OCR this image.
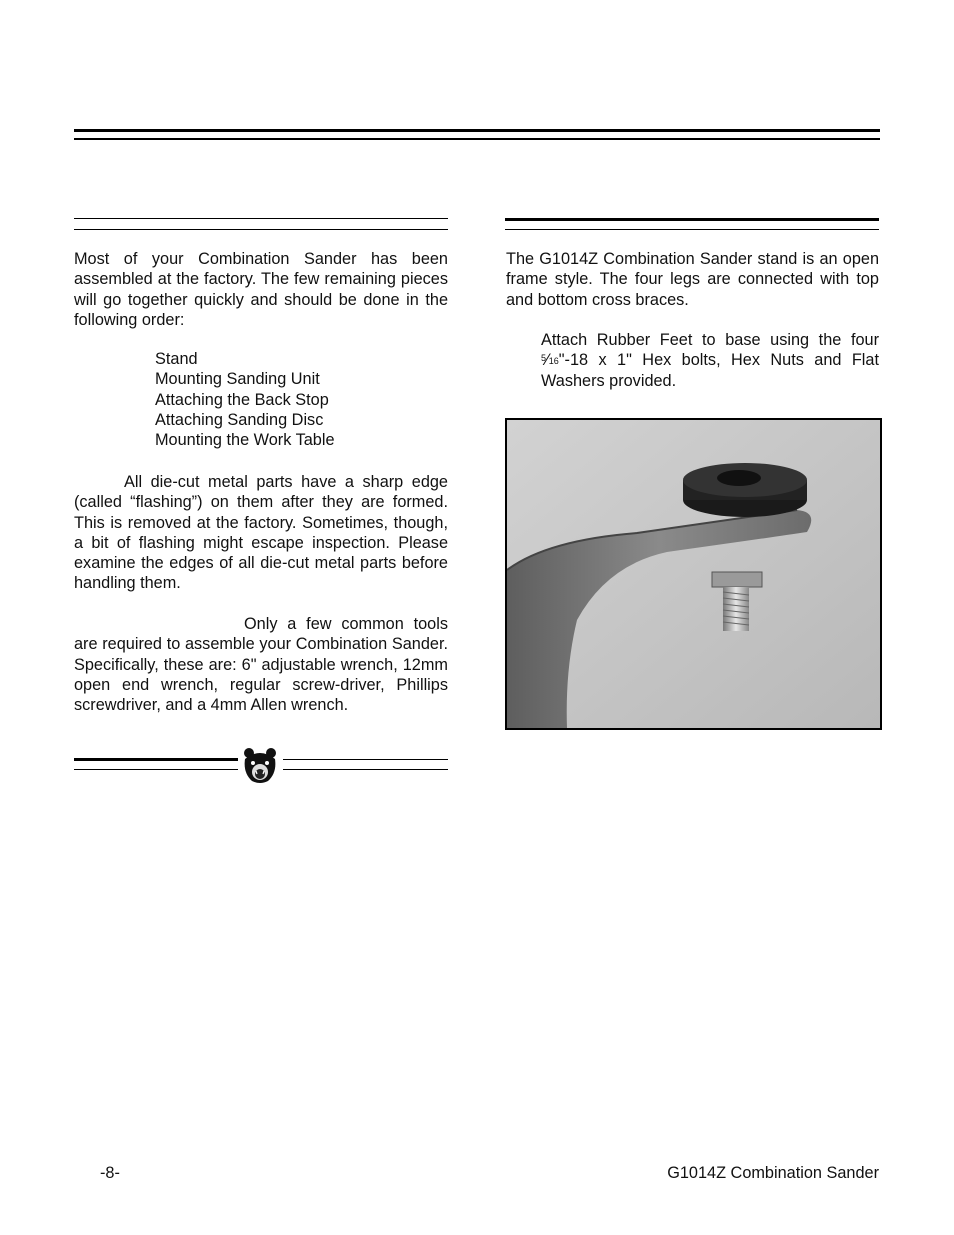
Most of your Combination Sander has been assembled at the factory. The few remaining pieces will go together quickly and should be done in the following order:

Stand
Mounting Sanding Unit
Attaching the Back Stop
Attaching Sanding Disc
Mounting the Work Table

All die-cut metal parts have a sharp edge (called “flashing”) on them after they are formed. This is removed at the factory. Sometimes, though, a bit of flashing might escape inspection. Please examine the edges of all die-cut metal parts before handling them.

Only a few common tools are required to assemble your Combination Sander. Specifically, these are: 6" adjustable wrench, 12mm open end wrench, regular screw-driver, Phillips screwdriver, and a 4mm Allen wrench.

The G1014Z Combination Sander stand is an open frame style. The four legs are connected with top and bottom cross braces.

Attach Rubber Feet to base using the four $^5⁄_{16}"-18$ x 1" Hex bolts, Hex Nuts and Flat Washers provided.

-8-	G1014Z Combination Sander
